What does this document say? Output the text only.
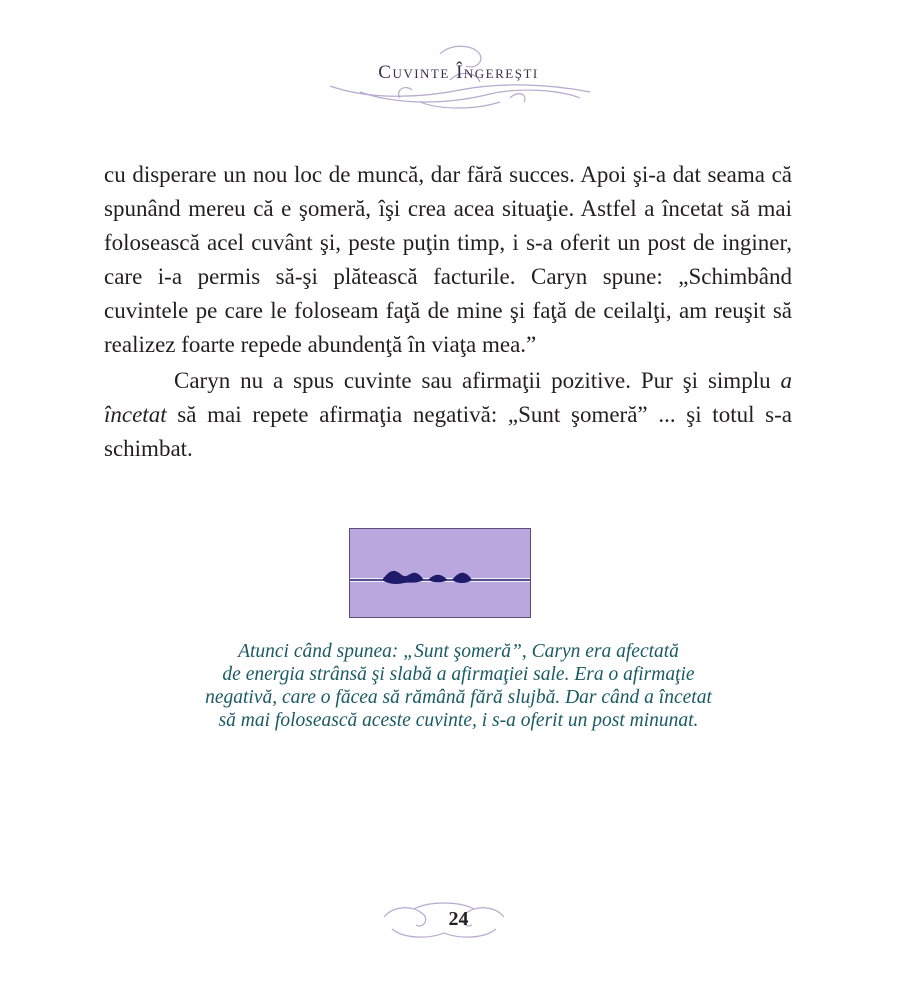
Cuvinte Îngereşti

cu disperare un nou loc de muncă, dar fără succes. Apoi şi-a dat seama că spunând mereu că e şomeră, îşi crea acea situaţie. Astfel a încetat să mai folosească acel cuvânt şi, peste puţin timp, i s-a oferit un post de inginer, care i-a permis să-şi plătească facturile. Caryn spune: „Schimbând cuvintele pe care le foloseam faţă de mine şi faţă de ceilalţi, am reuşit să realizez foarte repede abundenţă în viaţa mea.”

Caryn nu a spus cuvinte sau afirmaţii pozitive. Pur şi simplu a încetat să mai repete afirmaţia negativă: „Sunt şomeră” ... şi totul s-a schimbat.

Atunci când spunea: „Sunt şomeră”, Caryn era afectată
de energia strânsă şi slabă a afirmaţiei sale. Era o afirmaţie
negativă, care o făcea să rămână fără slujbă. Dar când a încetat
să mai folosească aceste cuvinte, i s-a oferit un post minunat.

24
